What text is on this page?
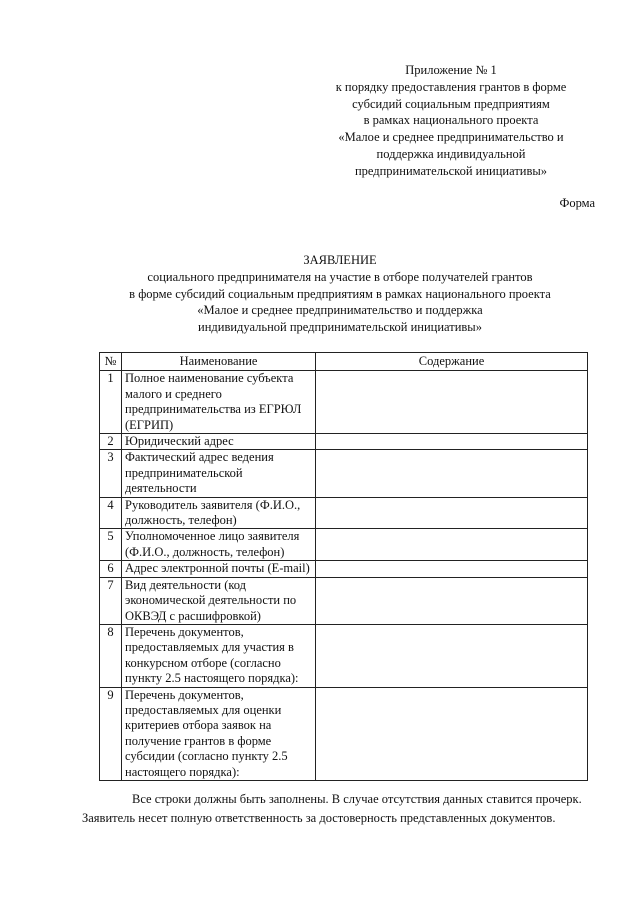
Приложение № 1
к порядку предоставления грантов в форме
субсидий социальным предприятиям
в рамках национального проекта
«Малое и среднее предпринимательство и
поддержка индивидуальной
предпринимательской инициативы»
Форма
ЗАЯВЛЕНИЕ
социального предпринимателя на участие в отборе получателей грантов
в форме субсидий социальным предприятиям в рамках национального проекта
«Малое и среднее предпринимательство и поддержка
индивидуальной предпринимательской инициативы»
№	Наименование	Содержание
1	Полное наименование субъекта малого и среднего предпринимательства из ЕГРЮЛ (ЕГРИП)	
2	Юридический адрес	
3	Фактический адрес ведения предпринимательской деятельности	
4	Руководитель заявителя (Ф.И.О., должность, телефон)	
5	Уполномоченное лицо заявителя (Ф.И.О., должность, телефон)	
6	Адрес электронной почты (E-mail)	
7	Вид деятельности (код экономической деятельности по ОКВЭД с расшифровкой)	
8	Перечень документов, предоставляемых для участия в конкурсном отборе (согласно пункту 2.5 настоящего порядка):	
9	Перечень документов, предоставляемых для оценки критериев отбора заявок на получение грантов в форме субсидии (согласно пункту 2.5 настоящего порядка):	
Все строки должны быть заполнены. В случае отсутствия данных ставится прочерк.
Заявитель несет полную ответственность за достоверность представленных документов.
